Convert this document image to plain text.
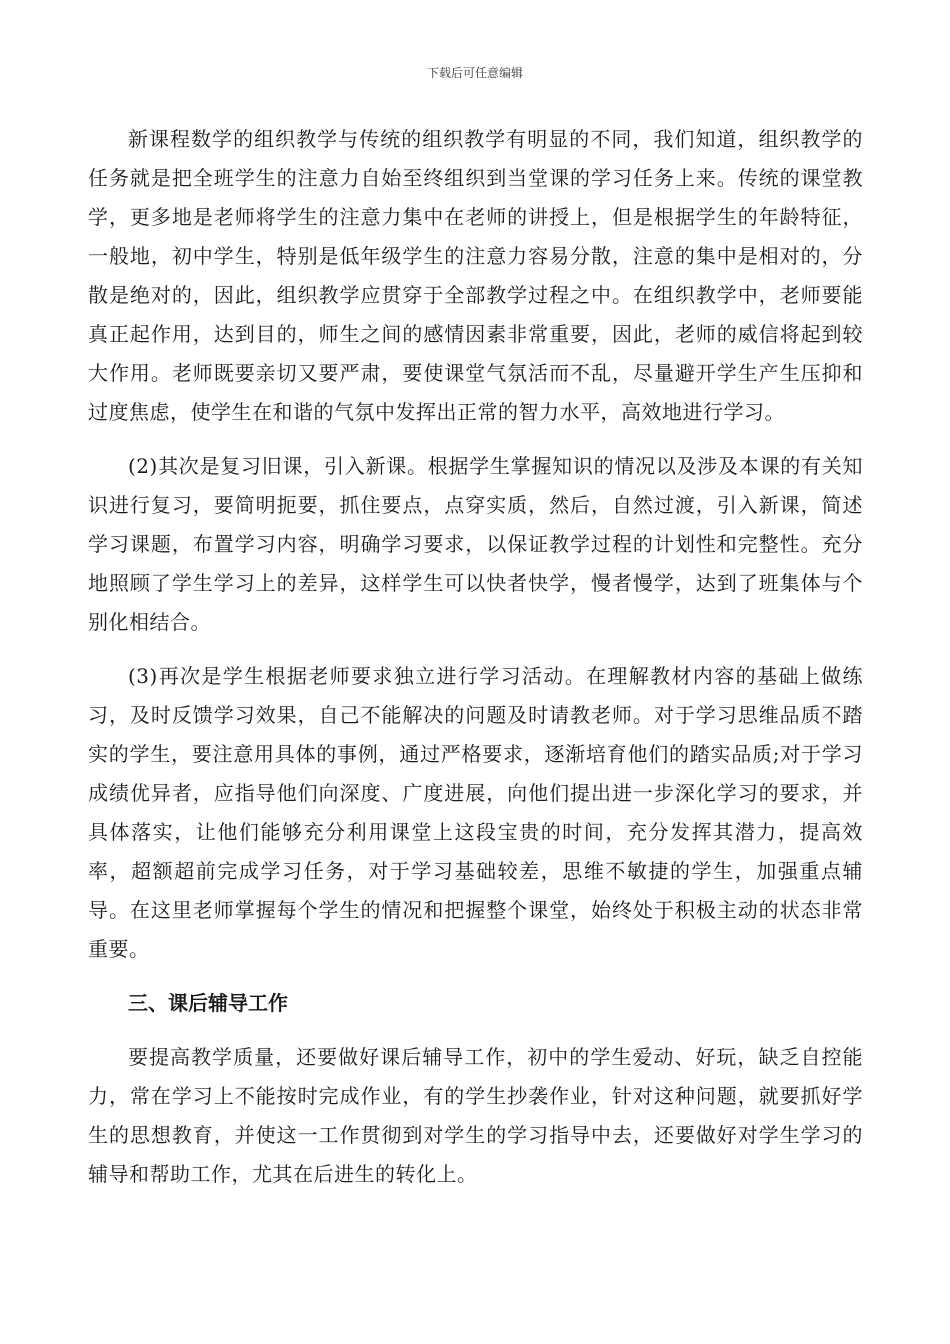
下载后可任意编辑

新课程数学的组织教学与传统的组织教学有明显的不同，我们知道，组织教学的任务就是把全班学生的注意力自始至终组织到当堂课的学习任务上来。传统的课堂教学，更多地是老师将学生的注意力集中在老师的讲授上，但是根据学生的年龄特征，一般地，初中学生，特别是低年级学生的注意力容易分散，注意的集中是相对的，分散是绝对的，因此，组织教学应贯穿于全部教学过程之中。在组织教学中，老师要能真正起作用，达到目的，师生之间的感情因素非常重要，因此，老师的威信将起到较大作用。老师既要亲切又要严肃，要使课堂气氛活而不乱，尽量避开学生产生压抑和过度焦虑，使学生在和谐的气氛中发挥出正常的智力水平，高效地进行学习。

(2)其次是复习旧课，引入新课。根据学生掌握知识的情况以及涉及本课的有关知识进行复习，要简明扼要，抓住要点，点穿实质，然后，自然过渡，引入新课，简述学习课题，布置学习内容，明确学习要求，以保证教学过程的计划性和完整性。充分地照顾了学生学习上的差异，这样学生可以快者快学，慢者慢学，达到了班集体与个别化相结合。

(3)再次是学生根据老师要求独立进行学习活动。在理解教材内容的基础上做练习，及时反馈学习效果，自己不能解决的问题及时请教老师。对于学习思维品质不踏实的学生，要注意用具体的事例，通过严格要求，逐渐培育他们的踏实品质;对于学习成绩优异者，应指导他们向深度、广度进展，向他们提出进一步深化学习的要求，并具体落实，让他们能够充分利用课堂上这段宝贵的时间，充分发挥其潜力，提高效率，超额超前完成学习任务，对于学习基础较差，思维不敏捷的学生，加强重点辅导。在这里老师掌握每个学生的情况和把握整个课堂，始终处于积极主动的状态非常重要。

三、课后辅导工作

要提高教学质量，还要做好课后辅导工作，初中的学生爱动、好玩，缺乏自控能力，常在学习上不能按时完成作业，有的学生抄袭作业，针对这种问题，就要抓好学生的思想教育，并使这一工作贯彻到对学生的学习指导中去，还要做好对学生学习的辅导和帮助工作，尤其在后进生的转化上。
